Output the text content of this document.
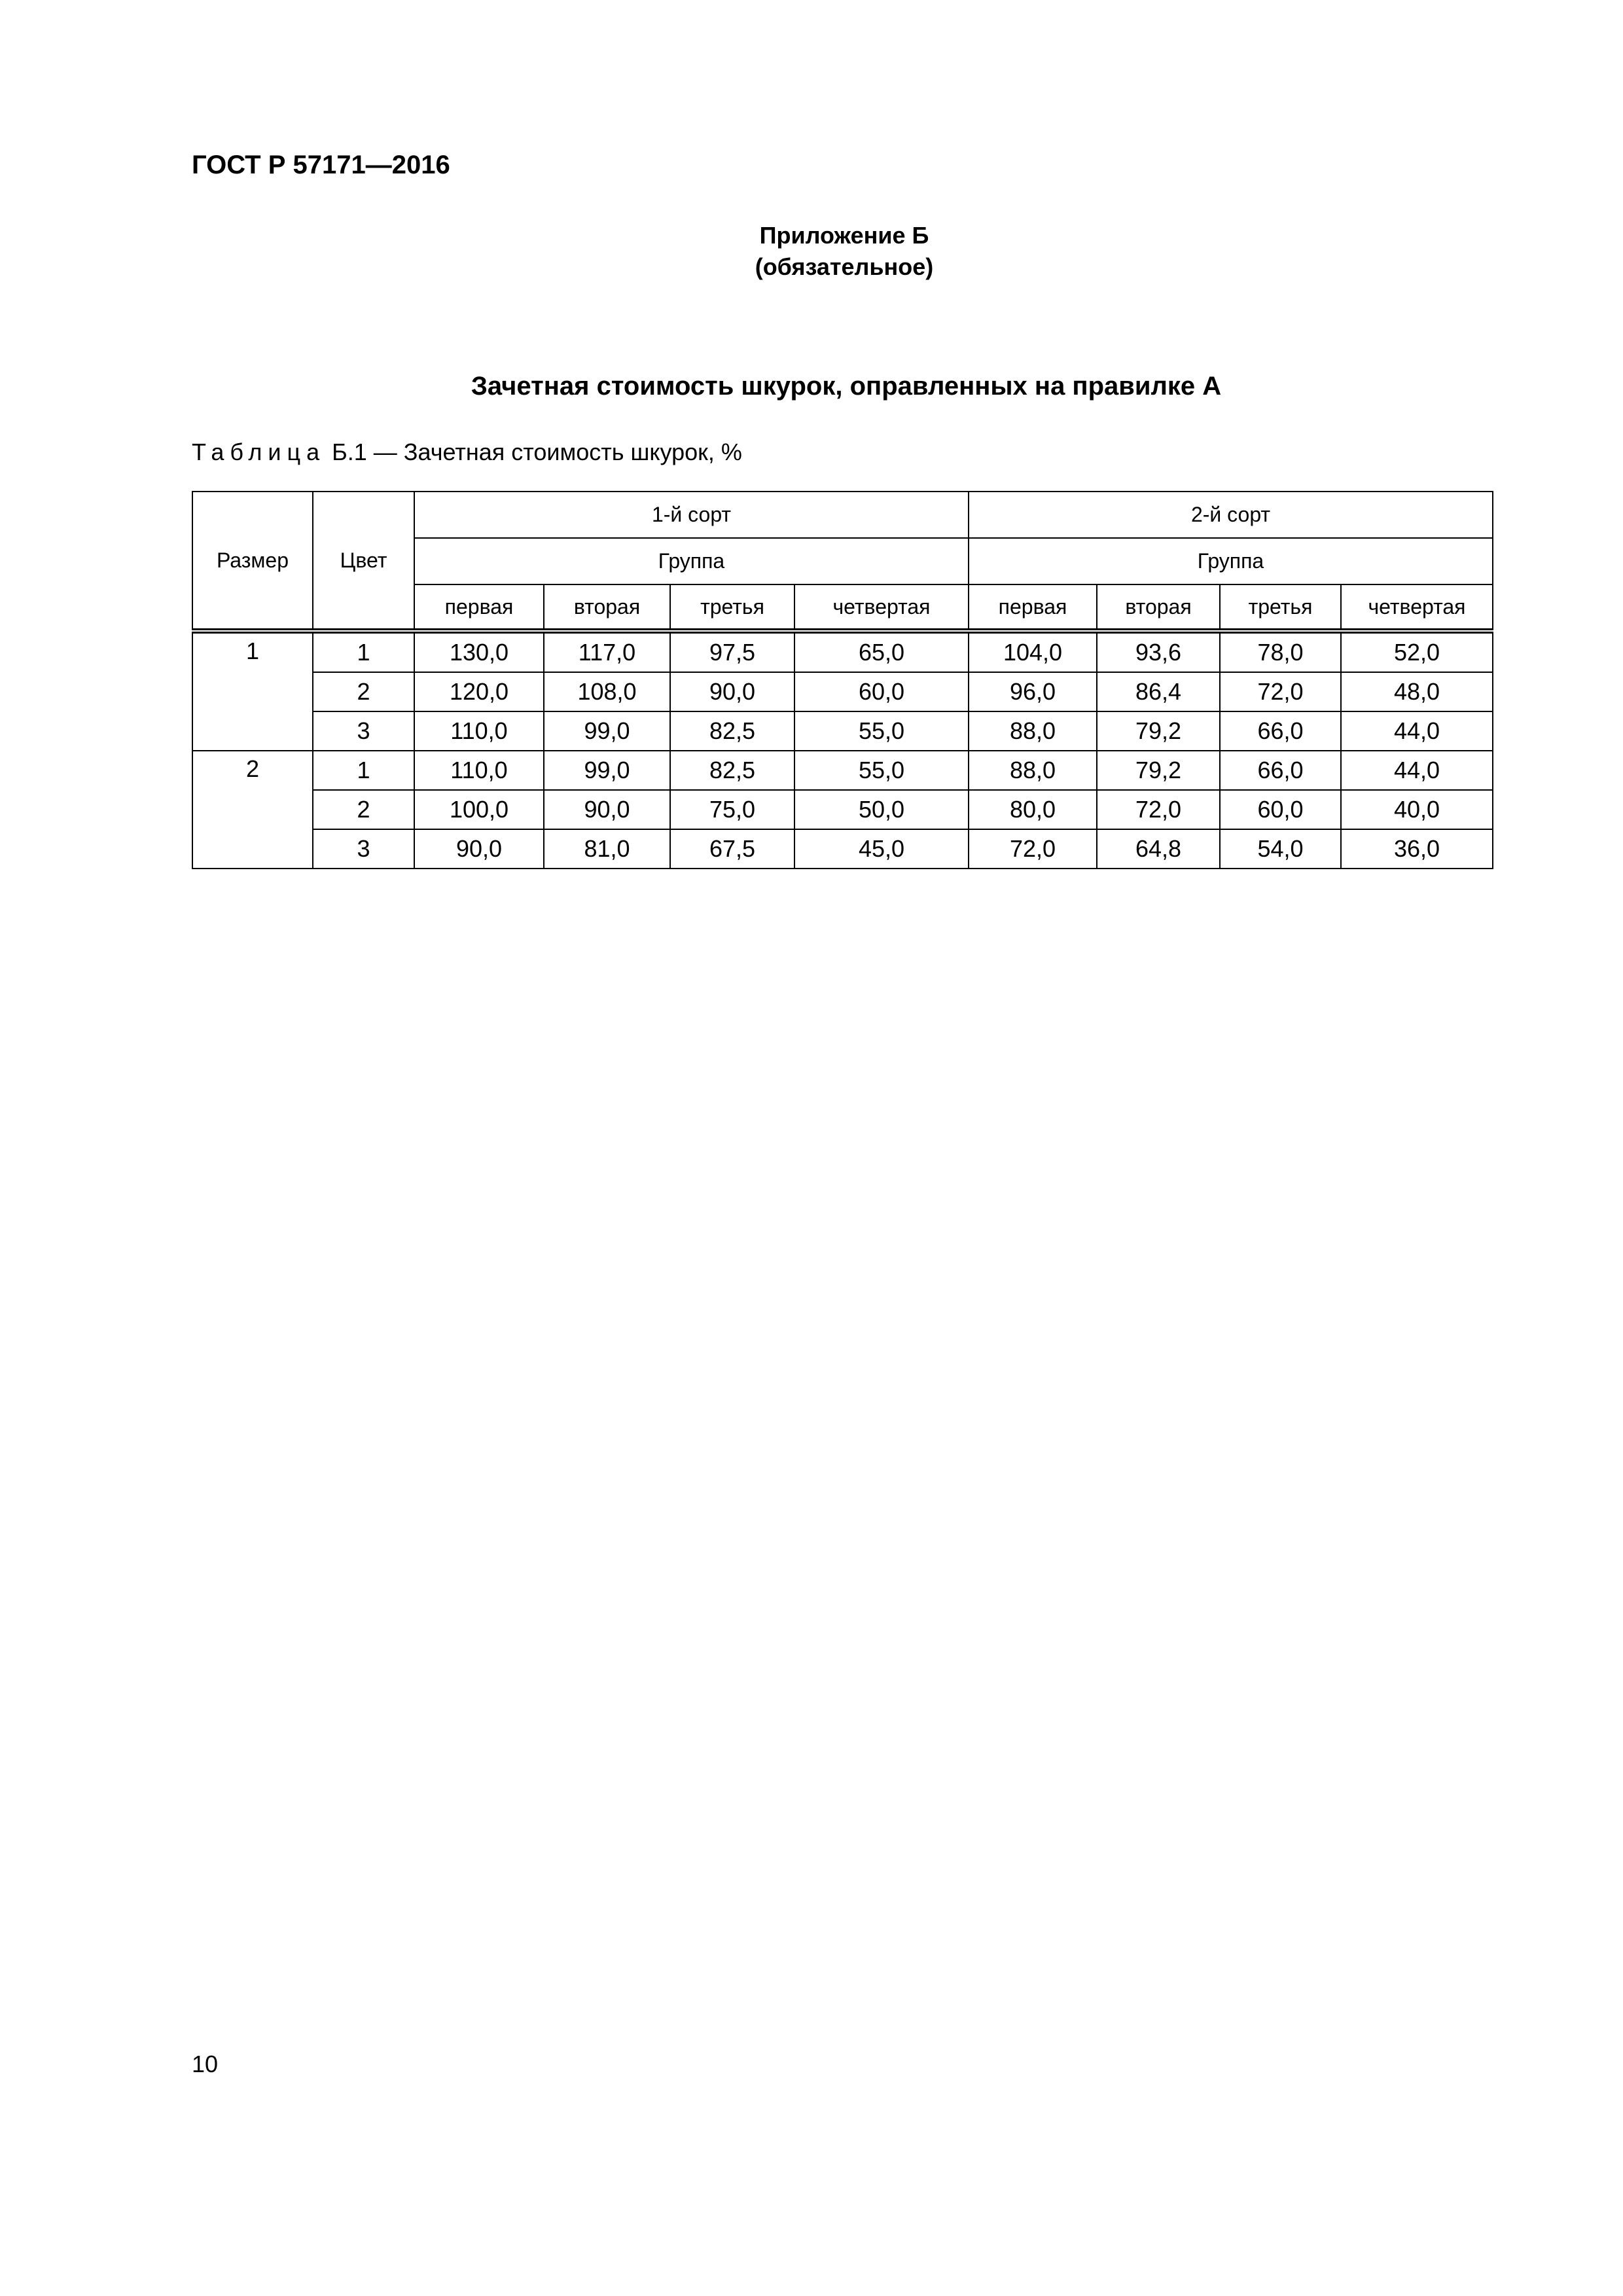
ГОСТ Р 57171—2016
Приложение Б
(обязательное)
Зачетная стоимость шкурок, оправленных на правилке А
Таблица Б.1 — Зачетная стоимость шкурок, %
Размер	Цвет	1-й сорт				2-й сорт			
		Группа				Группа			
		первая	вторая	третья	четвертая	первая	вторая	третья	четвертая
1	1	130,0	117,0	97,5	65,0	104,0	93,6	78,0	52,0
	2	120,0	108,0	90,0	60,0	96,0	86,4	72,0	48,0
	3	110,0	99,0	82,5	55,0	88,0	79,2	66,0	44,0
2	1	110,0	99,0	82,5	55,0	88,0	79,2	66,0	44,0
	2	100,0	90,0	75,0	50,0	80,0	72,0	60,0	40,0
	3	90,0	81,0	67,5	45,0	72,0	64,8	54,0	36,0
10
